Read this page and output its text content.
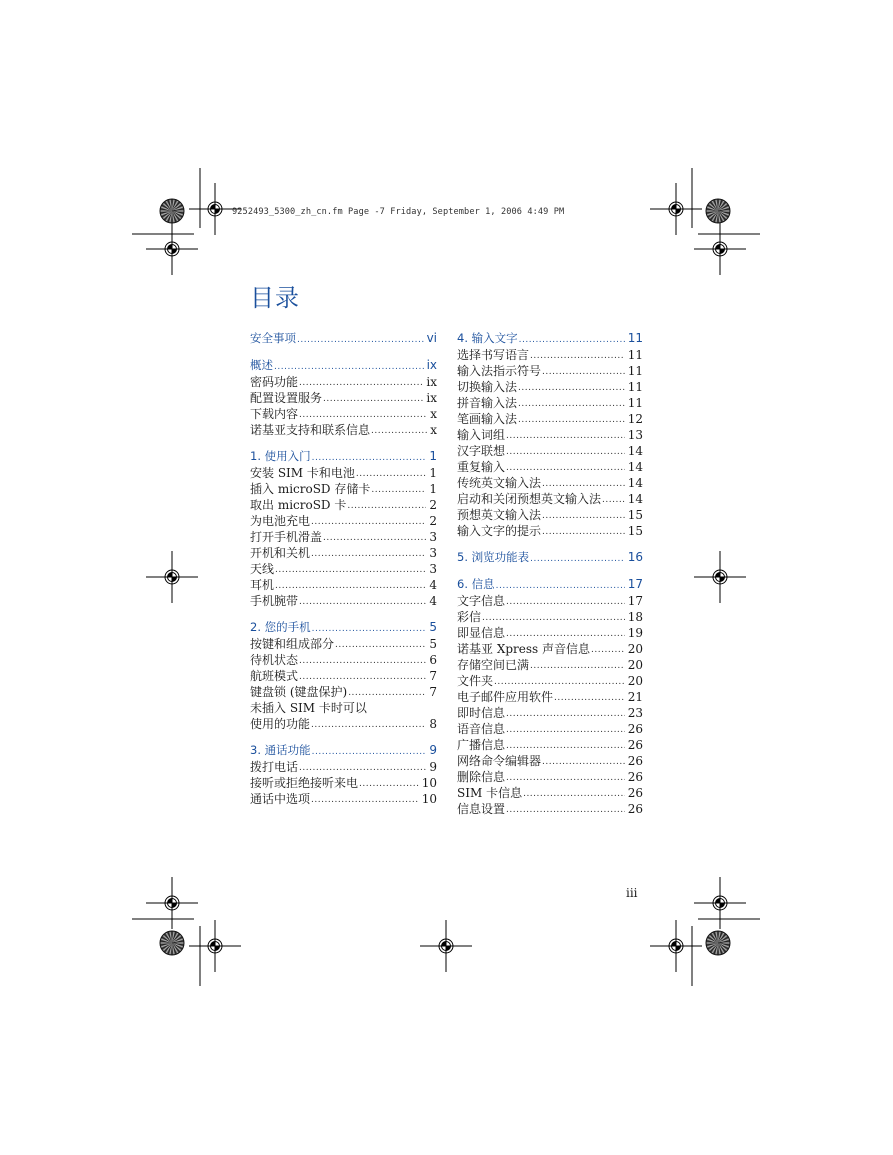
9252493_5300_zh_cn.fm Page -7 Friday, September 1, 2006 4:49 PM
目录
安全事项 .....	vi
概述 .....	ix
密码功能 .....	ix
配置设置服务 .....	ix
下载内容 .....	x
诺基亚支持和联系信息 .....	x
1. 使用入门 .....	1
安装 SIM 卡和电池 .....	1
插入 microSD 存储卡 .....	1
取出 microSD 卡 .....	2
为电池充电 .....	2
打开手机滑盖 .....	3
开机和关机 .....	3
天线 .....	3
耳机 .....	4
手机腕带 .....	4
2. 您的手机 .....	5
按键和组成部分 .....	5
待机状态 .....	6
航班模式 .....	7
键盘锁 (键盘保护) .....	7
未插入 SIM 卡时可以
使用的功能 .....	8
3. 通话功能 .....	9
拨打电话 .....	9
接听或拒绝接听来电 .....	10
通话中选项 .....	10
4. 输入文字 .....	11
选择书写语言 .....	11
输入法指示符号 .....	11
切换输入法 .....	11
拼音输入法 .....	11
笔画输入法 .....	12
输入词组 .....	13
汉字联想 .....	14
重复输入 .....	14
传统英文输入法 .....	14
启动和关闭预想英文输入法 ..... 14
预想英文输入法 .....	15
输入文字的提示 .....	15
5. 浏览功能表 .....	16
6. 信息 .....	17
文字信息 .....	17
彩信 .....	18
即显信息 .....	19
诺基亚 Xpress 声音信息 .....	20
存储空间已满 .....	20
文件夹 .....	20
电子邮件应用软件 .....	21
即时信息 .....	23
语音信息 .....	26
广播信息 .....	26
网络命令编辑器 .....	26
删除信息 .....	26
SIM 卡信息 .....	26
信息设置 .....	26
iii
